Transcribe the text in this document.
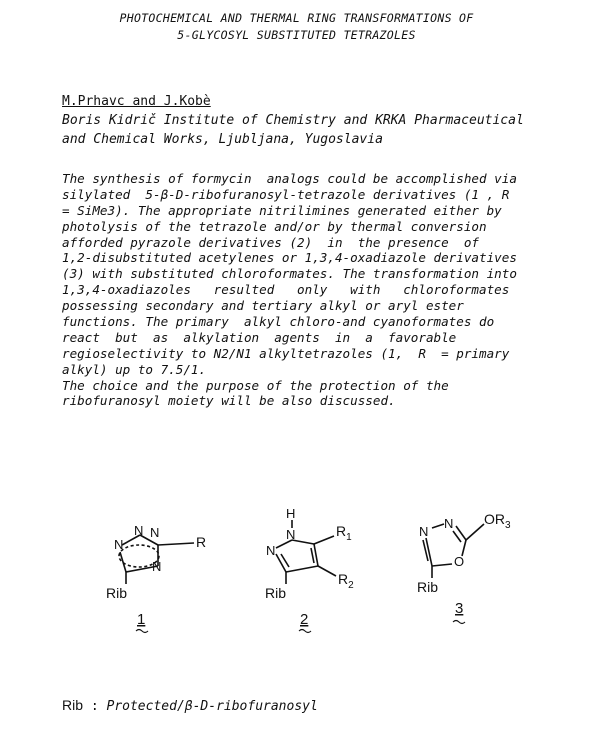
PHOTOCHEMICAL AND THERMAL RING TRANSFORMATIONS OF
5-GLYCOSYL SUBSTITUTED TETRAZOLES
M.Prhavc and J.Kobè
Boris Kidrič Institute of Chemistry and KRKA Pharmaceutical
and Chemical Works, Ljubljana, Yugoslavia
The synthesis of formycin  analogs could be accomplished via
silylated  5-β-D-ribofuranosyl-tetrazole derivatives (1 , R
= SiMe3). The appropriate nitrilimines generated either by
photolysis of the tetrazole and/or by thermal conversion
afforded pyrazole derivatives (2)  in  the presence  of
1,2-disubstituted acetylenes or 1,3,4-oxadiazole derivatives
(3) with substituted chloroformates. The transformation into
1,3,4-oxadiazoles   resulted   only   with   chloroformates
possessing secondary and tertiary alkyl or aryl ester
functions. The primary  alkyl chloro-and cyanoformates do
react  but  as  alkylation  agents  in  a  favorable
regioselectivity to N2/N1 alkyltetrazoles (1,  R  = primary
alkyl) up to 7.5/1.
The choice and the purpose of the protection of the
ribofuranosyl moiety will be also discussed.
N
N N
N
R
Rib
1
H
N
N
$R_1$
$R_2$
Rib
2
N
N $OR_3$
O
Rib
3
Rib : Protected/β-D-ribofuranosyl
